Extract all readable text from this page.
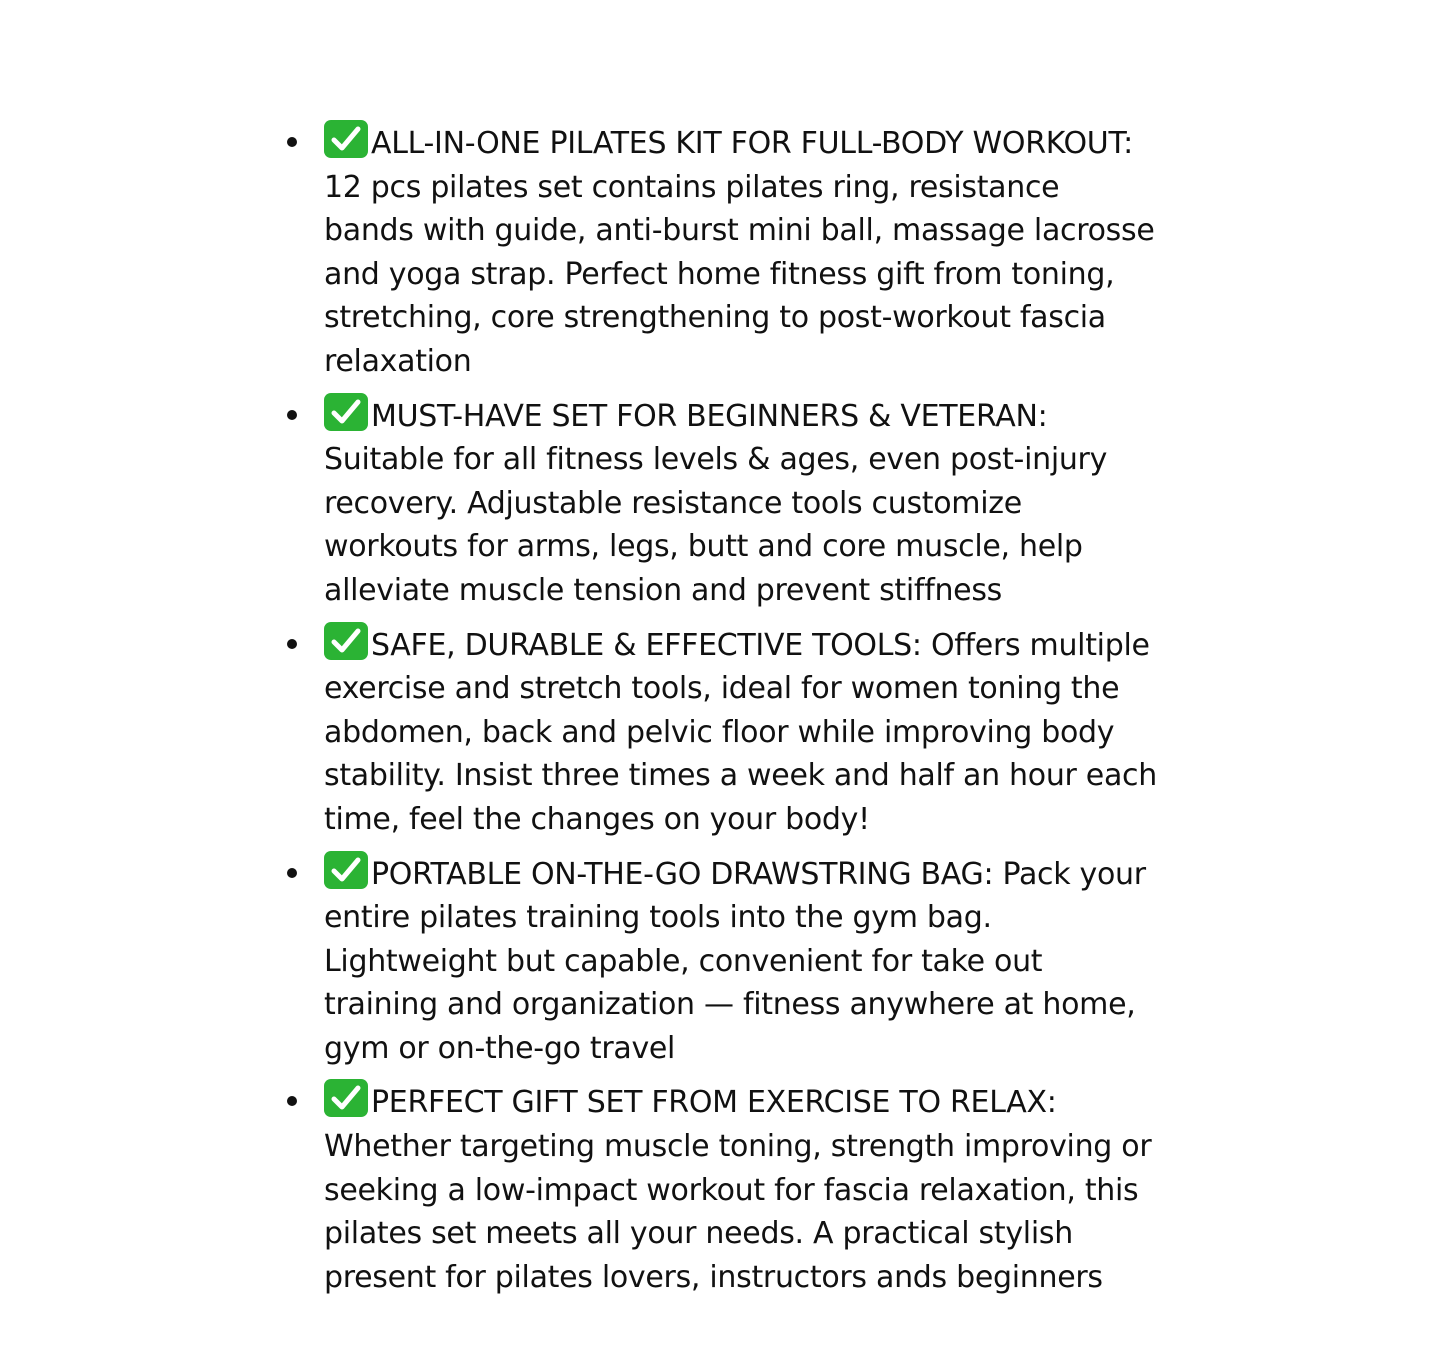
ALL-IN-ONE PILATES KIT FOR FULL-BODY WORKOUT: 12 pcs pilates set contains pilates ring, resistance bands with guide, anti-burst mini ball, massage lacrosse and yoga strap. Perfect home fitness gift from toning, stretching, core strengthening to post-workout fascia relaxation
MUST-HAVE SET FOR BEGINNERS & VETERAN: Suitable for all fitness levels & ages, even post-injury recovery. Adjustable resistance tools customize workouts for arms, legs, butt and core muscle, help alleviate muscle tension and prevent stiffness
SAFE, DURABLE & EFFECTIVE TOOLS: Offers multiple exercise and stretch tools, ideal for women toning the abdomen, back and pelvic floor while improving body stability. Insist three times a week and half an hour each time, feel the changes on your body!
PORTABLE ON-THE-GO DRAWSTRING BAG: Pack your entire pilates training tools into the gym bag. Lightweight but capable, convenient for take out training and organization — fitness anywhere at home, gym or on-the-go travel
PERFECT GIFT SET FROM EXERCISE TO RELAX: Whether targeting muscle toning, strength improving or seeking a low-impact workout for fascia relaxation, this pilates set meets all your needs. A practical stylish present for pilates lovers, instructors ands beginners
